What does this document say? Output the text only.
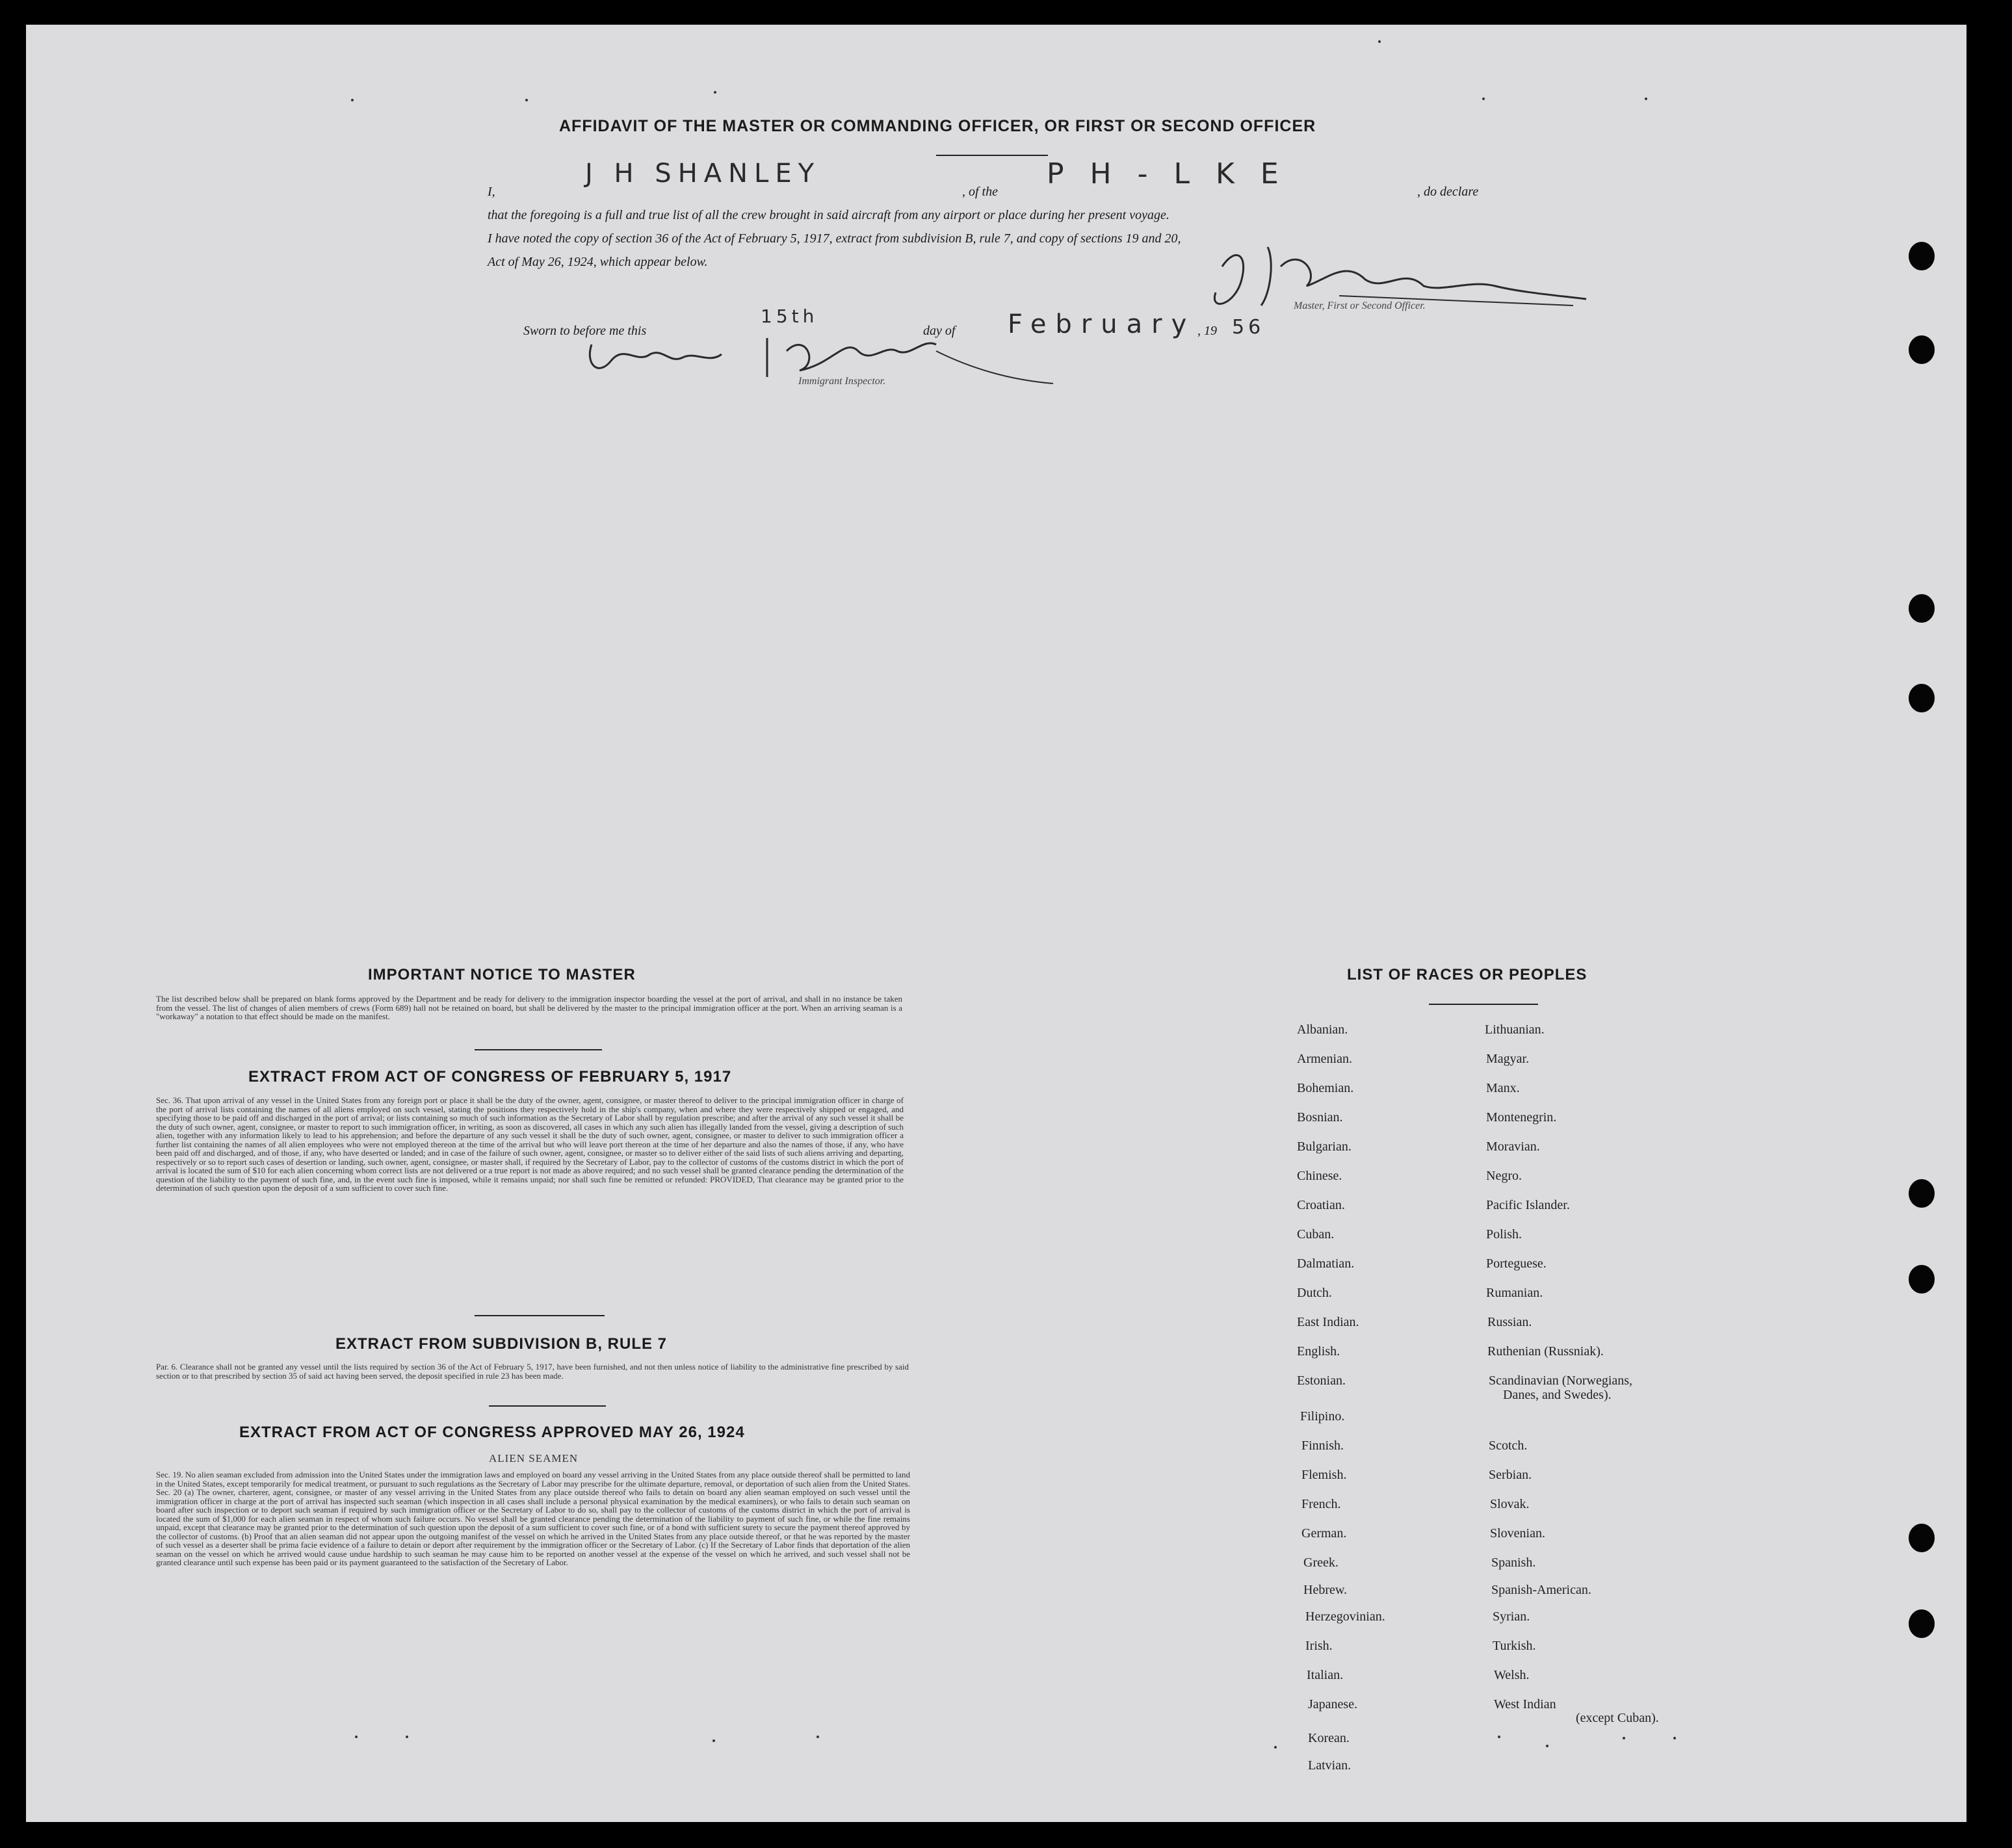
AFFIDAVIT OF THE MASTER OR COMMANDING OFFICER, OR FIRST OR SECOND OFFICER
I,
J H SHANLEY
, of the
PH-LKE
, do declare
that the foregoing is a full and true list of all the crew brought in said aircraft from any airport or place during her present voyage.
I have noted the copy of section 36 of the Act of February 5, 1917, extract from subdivision B, rule 7, and copy of sections 19 and 20,
Act of May 26, 1924, which appear below.
Master, First or Second Officer.
Sworn to before me this
15th
day of February , 19 56
Immigrant Inspector.
IMPORTANT NOTICE TO MASTER
The list described below shall be prepared on blank forms approved by the Department and be ready for delivery to the immigration inspector boarding the vessel at the port of arrival, and shall in no instance be taken from the vessel. The list of changes of alien members of crews (Form 689) hall not be retained on board, but shall be delivered by the master to the principal immigration officer at the port. When an arriving seaman is a "workaway" a notation to that effect should be made on the manifest.
EXTRACT FROM ACT OF CONGRESS OF FEBRUARY 5, 1917
Sec. 36. That upon arrival of any vessel in the United States from any foreign port or place it shall be the duty of the owner, agent, consignee, or master thereof to deliver to the principal immigration officer in charge of the port of arrival lists containing the names of all aliens employed on such vessel, stating the positions they respectively hold in the ship's company, when and where they were respectively shipped or engaged, and specifying those to be paid off and discharged in the port of arrival; or lists containing so much of such information as the Secretary of Labor shall by regulation prescribe; and after the arrival of any such vessel it shall be the duty of such owner, agent, consignee, or master to report to such immigration officer, in writing, as soon as discovered, all cases in which any such alien has illegally landed from the vessel, giving a description of such alien, together with any information likely to lead to his apprehension; and before the departure of any such vessel it shall be the duty of such owner, agent, consignee, or master to deliver to such immigration officer a further list containing the names of all alien employees who were not employed thereon at the time of the arrival but who will leave port thereon at the time of her departure and also the names of those, if any, who have been paid off and discharged, and of those, if any, who have deserted or landed; and in case of the failure of such owner, agent, consignee, or master so to deliver either of the said lists of such aliens arriving and departing, respectively or so to report such cases of desertion or landing, such owner, agent, consignee, or master shall, if required by the Secretary of Labor, pay to the collector of customs of the customs district in which the port of arrival is located the sum of $10 for each alien concerning whom correct lists are not delivered or a true report is not made as above required; and no such vessel shall be granted clearance pending the determination of the question of the liability to the payment of such fine, and, in the event such fine is imposed, while it remains unpaid; nor shall such fine be remitted or refunded: PROVIDED, That clearance may be granted prior to the determination of such question upon the deposit of a sum sufficient to cover such fine.
EXTRACT FROM SUBDIVISION B, RULE 7
Par. 6. Clearance shall not be granted any vessel until the lists required by section 36 of the Act of February 5, 1917, have been furnished, and not then unless notice of liability to the administrative fine prescribed by said section or to that prescribed by section 35 of said act having been served, the deposit specified in rule 23 has been made.
EXTRACT FROM ACT OF CONGRESS APPROVED MAY 26, 1924
ALIEN SEAMEN
Sec. 19. No alien seaman excluded from admission into the United States under the immigration laws and employed on board any vessel arriving in the United States from any place outside thereof shall be permitted to land in the United States, except temporarily for medical treatment, or pursuant to such regulations as the Secretary of Labor may prescribe for the ultimate departure, removal, or deportation of such alien from the United States. Sec. 20 (a) The owner, charterer, agent, consignee, or master of any vessel arriving in the United States from any place outside thereof who fails to detain on board any alien seaman employed on such vessel until the immigration officer in charge at the port of arrival has inspected such seaman (which inspection in all cases shall include a personal physical examination by the medical examiners), or who fails to detain such seaman on board after such inspection or to deport such seaman if required by such immigration officer or the Secretary of Labor to do so, shall pay to the collector of customs of the customs district in which the port of arrival is located the sum of $1,000 for each alien seaman in respect of whom such failure occurs. No vessel shall be granted clearance pending the determination of the liability to payment of such fine, or while the fine remains unpaid, except that clearance may be granted prior to the determination of such question upon the deposit of a sum sufficient to cover such fine, or of a bond with sufficient surety to secure the payment thereof approved by the collector of customs. (b) Proof that an alien seaman did not appear upon the outgoing manifest of the vessel on which he arrived in the United States from any place outside thereof, or that he was reported by the master of such vessel as a deserter shall be prima facie evidence of a failure to detain or deport after requirement by the immigration officer or the Secretary of Labor. (c) If the Secretary of Labor finds that deportation of the alien seaman on the vessel on which he arrived would cause undue hardship to such seaman he may cause him to be reported on another vessel at the expense of the vessel on which he arrived, and such vessel shall not be granted clearance until such expense has been paid or its payment guaranteed to the satisfaction of the Secretary of Labor.
LIST OF RACES OR PEOPLES
Albanian.
Armenian.
Bohemian.
Bosnian.
Bulgarian.
Chinese.
Croatian.
Cuban.
Dalmatian.
Dutch.
East Indian.
English.
Estonian.
Filipino.
Finnish.
Flemish.
French.
German.
Greek.
Hebrew.
Herzegovinian.
Irish.
Italian.
Japanese.
Korean.
Latvian.
Lithuanian.
Magyar.
Manx.
Montenegrin.
Moravian.
Negro.
Pacific Islander.
Polish.
Porteguese.
Rumanian.
Russian.
Ruthenian (Russniak).
Scandinavian (Norwegians,
Danes, and Swedes).
Scotch.
Serbian.
Slovak.
Slovenian.
Spanish.
Spanish-American.
Syrian.
Turkish.
Welsh.
West Indian
(except Cuban).
